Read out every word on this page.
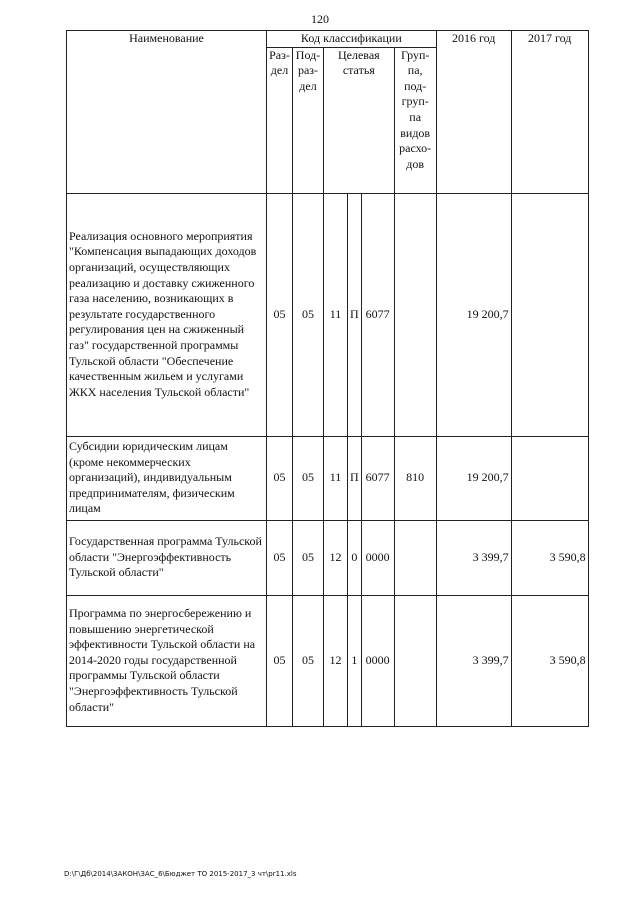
120
Наименование	Код классификации						2016 год	2017 год
	Раз-дел	Под-раз-дел	Целевая статья			Груп-па, под-груп-па видов расхо-дов		
Реализация основного мероприятия "Компенсация выпадающих доходов организаций, осуществляющих реализацию и доставку сжиженного газа населению, возникающих в результате государственного регулирования цен на сжиженный газ" государственной программы Тульской области "Обеспечение качественным жильем и услугами ЖКХ населения Тульской области"	05	05	11	П	6077		19 200,7	
Субсидии юридическим лицам (кроме некоммерческих организаций), индивидуальным предпринимателям, физическим лицам	05	05	11	П	6077	810	19 200,7	
Государственная программа Тульской области "Энергоэффективность Тульской области"	05	05	12	0	0000		3 399,7	3 590,8
Программа по энергосбережению и повышению энергетической эффективности Тульской области на 2014-2020 годы государственной программы Тульской области "Энергоэффективность Тульской области"	05	05	12	1	0000		3 399,7	3 590,8
D:\Г\Дб\2014\ЗАКОН\ЗАС_6\Бюджет ТО 2015-2017_3 чт\pr11.xls
